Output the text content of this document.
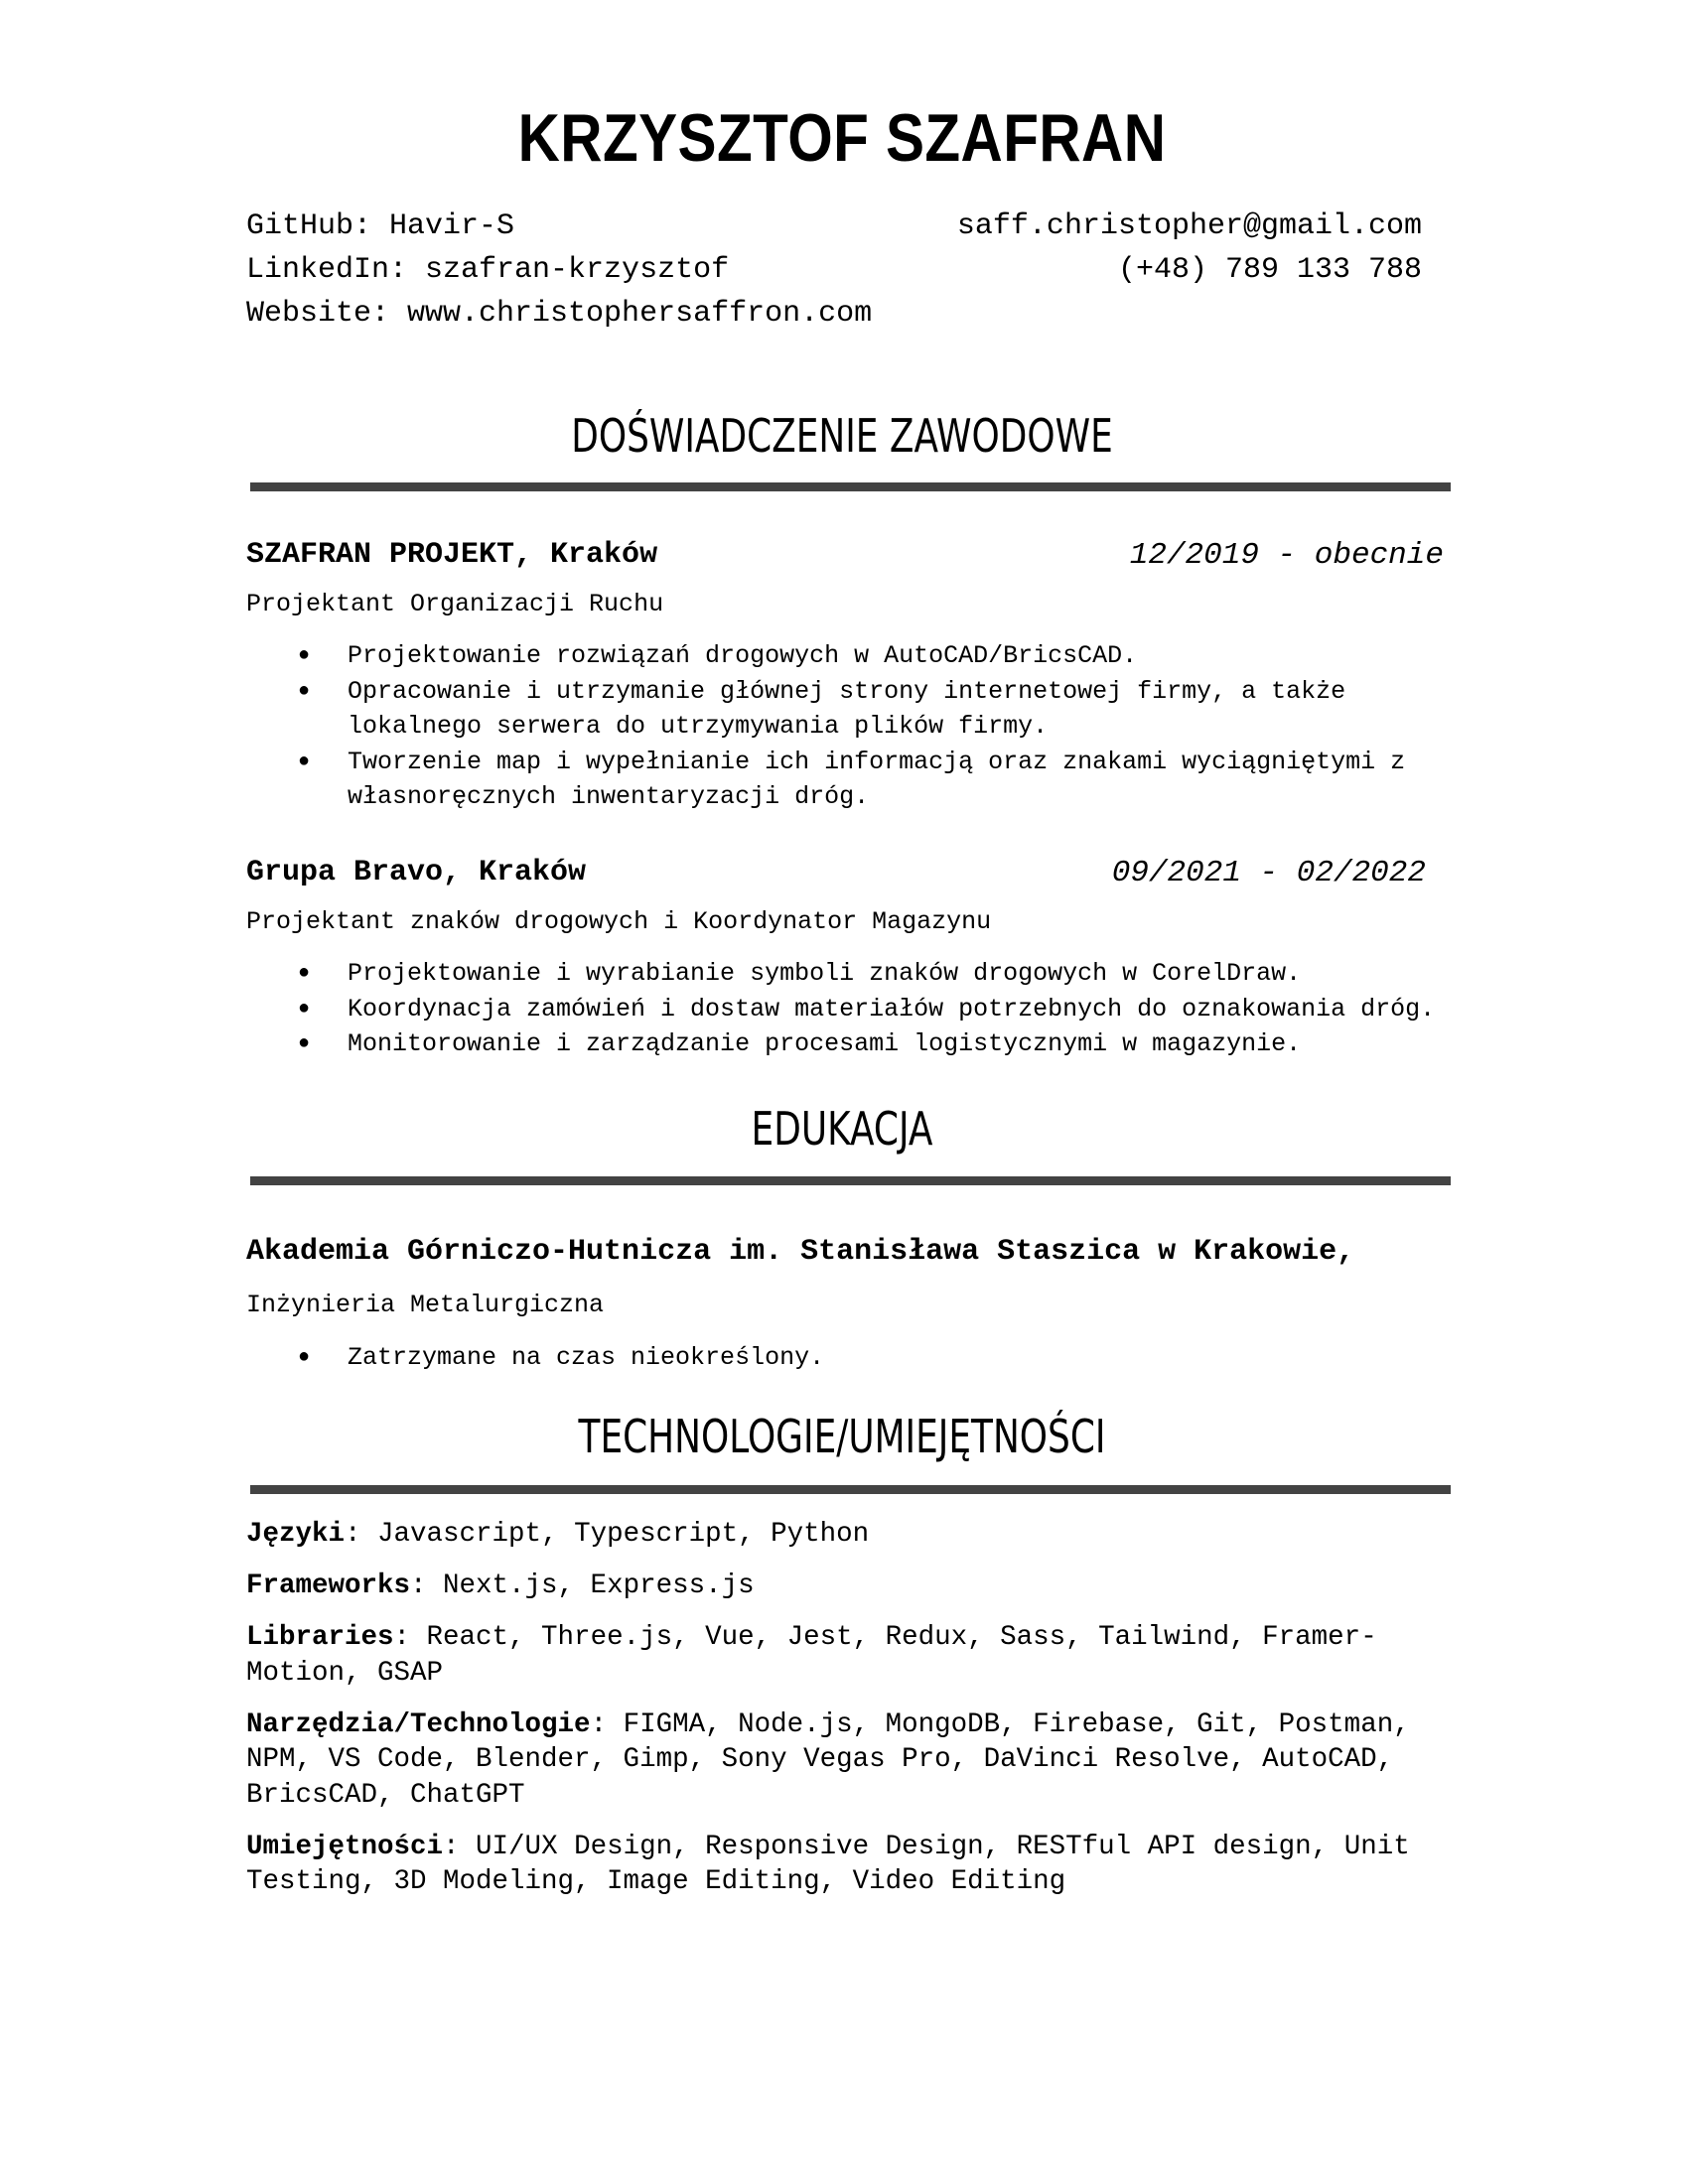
KRZYSZTOF SZAFRAN
GitHub: Havir-S
LinkedIn: szafran-krzysztof
Website: www.christophersaffron.com
saff.christopher@gmail.com
(+48) 789 133 788
DOŚWIADCZENIE ZAWODOWE
SZAFRAN PROJEKT, Kraków	12/2019 - obecnie
Projektant Organizacji Ruchu
● Projektowanie rozwiązań drogowych w AutoCAD/BricsCAD.
● Opracowanie i utrzymanie głównej strony internetowej firmy, a także lokalnego serwera do utrzymywania plików firmy.
● Tworzenie map i wypełnianie ich informacją oraz znakami wyciągniętymi z własnoręcznych inwentaryzacji dróg.
Grupa Bravo, Kraków	09/2021 - 02/2022
Projektant znaków drogowych i Koordynator Magazynu
● Projektowanie i wyrabianie symboli znaków drogowych w CorelDraw.
● Koordynacja zamówień i dostaw materiałów potrzebnych do oznakowania dróg.
● Monitorowanie i zarządzanie procesami logistycznymi w magazynie.
EDUKACJA
Akademia Górniczo-Hutnicza im. Stanisława Staszica w Krakowie,
Inżynieria Metalurgiczna
● Zatrzymane na czas nieokreślony.
TECHNOLOGIE/UMIEJĘTNOŚCI

Języki: Javascript, Typescript, Python

Frameworks: Next.js, Express.js

Libraries: React, Three.js, Vue, Jest, Redux, Sass, Tailwind, Framer-Motion, GSAP

Narzędzia/Technologie: FIGMA, Node.js, MongoDB, Firebase, Git, Postman, NPM, VS Code, Blender, Gimp, Sony Vegas Pro, DaVinci Resolve, AutoCAD, BricsCAD, ChatGPT

Umiejętności: UI/UX Design, Responsive Design, RESTful API design, Unit Testing, 3D Modeling, Image Editing, Video Editing
